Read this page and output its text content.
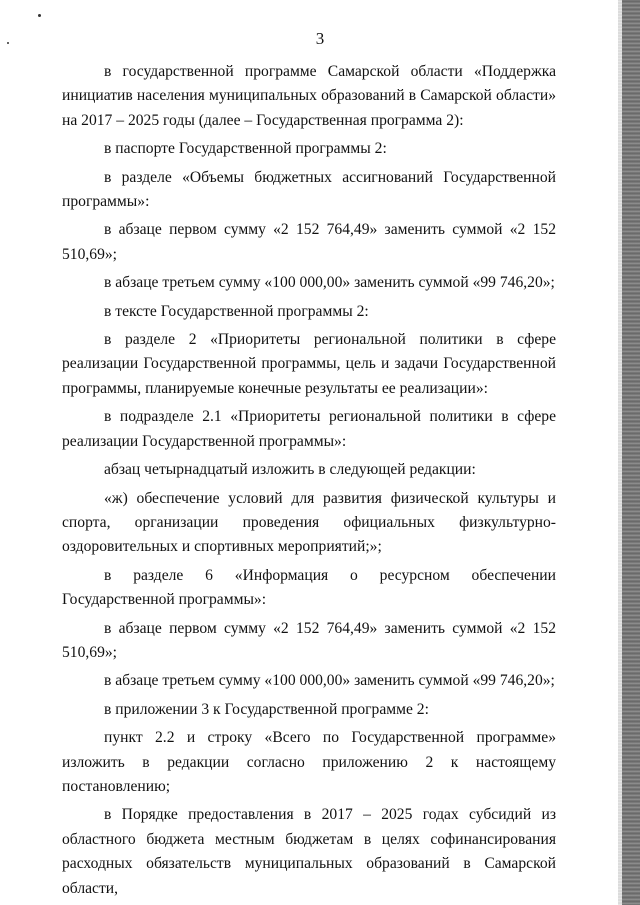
3

в государственной программе Самарской области «Поддержка инициатив населения муниципальных образований в Самарской области» на 2017 – 2025 годы (далее – Государственная программа 2):

в паспорте Государственной программы 2:

в разделе «Объемы бюджетных ассигнований Государственной программы»:

в абзаце первом сумму «2 152 764,49» заменить суммой «2 152 510,69»;

в абзаце третьем сумму «100 000,00» заменить суммой «99 746,20»;

в тексте Государственной программы 2:

в разделе 2 «Приоритеты региональной политики в сфере реализации Государственной программы, цель и задачи Государственной программы, планируемые конечные результаты ее реализации»:

в подразделе 2.1 «Приоритеты региональной политики в сфере реализации Государственной программы»:

абзац четырнадцатый изложить в следующей редакции:

«ж) обеспечение условий для развития физической культуры и спорта, организации проведения официальных физкультурно-оздоровительных и спортивных мероприятий;»;

в разделе 6 «Информация о ресурсном обеспечении Государственной программы»:

в абзаце первом сумму «2 152 764,49» заменить суммой «2 152 510,69»;

в абзаце третьем сумму «100 000,00» заменить суммой «99 746,20»;

в приложении 3 к Государственной программе 2:

пункт 2.2 и строку «Всего по Государственной программе» изложить в редакции согласно приложению 2 к настоящему постановлению;

в Порядке предоставления в 2017 – 2025 годах субсидий из областного бюджета местным бюджетам в целях софинансирования расходных обязательств муниципальных образований в Самарской области,
